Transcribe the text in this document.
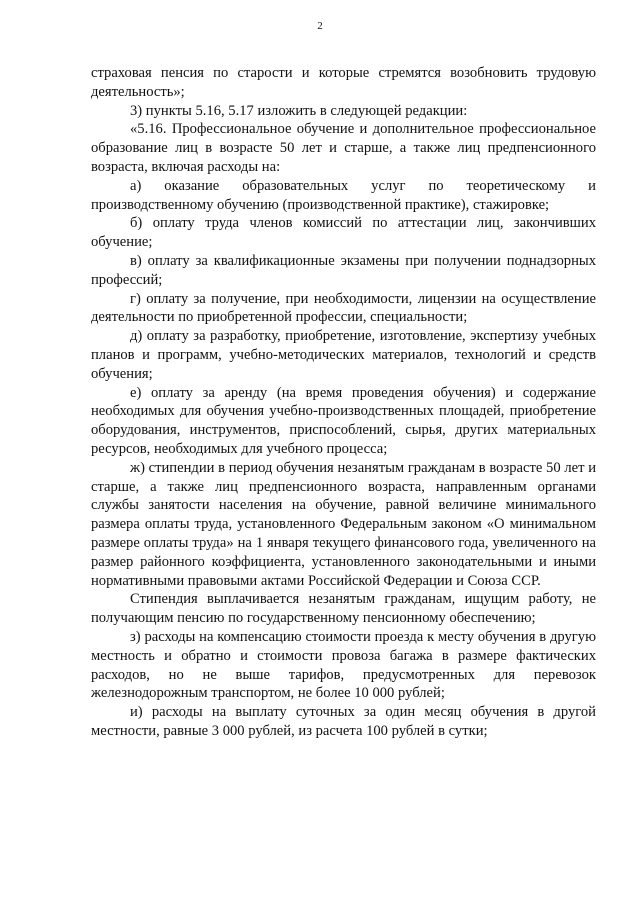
2

страховая пенсия по старости и которые стремятся возобновить трудовую деятельность»;

3) пункты 5.16, 5.17 изложить в следующей редакции:

«5.16. Профессиональное обучение и дополнительное профессиональное образование лиц в возрасте 50 лет и старше, а также лиц предпенсионного возраста, включая расходы на:

а) оказание образовательных услуг по теоретическому и производственному обучению (производственной практике), стажировке;

б) оплату труда членов комиссий по аттестации лиц, закончивших обучение;

в) оплату за квалификационные экзамены при получении поднадзорных профессий;

г) оплату за получение, при необходимости, лицензии на осуществление деятельности по приобретенной профессии, специальности;

д) оплату за разработку, приобретение, изготовление, экспертизу учебных планов и программ, учебно-методических материалов, технологий и средств обучения;

е) оплату за аренду (на время проведения обучения) и содержание необходимых для обучения учебно-производственных площадей, приобретение оборудования, инструментов, приспособлений, сырья, других материальных ресурсов, необходимых для учебного процесса;

ж) стипендии в период обучения незанятым гражданам в возрасте 50 лет и старше, а также лиц предпенсионного возраста, направленным органами службы занятости населения на обучение, равной величине минимального размера оплаты труда, установленного Федеральным законом «О минимальном размере оплаты труда» на 1 января текущего финансового года, увеличенного на размер районного коэффициента, установленного законодательными и иными нормативными правовыми актами Российской Федерации и Союза ССР.

Стипендия выплачивается незанятым гражданам, ищущим работу, не получающим пенсию по государственному пенсионному обеспечению;

з) расходы на компенсацию стоимости проезда к месту обучения в другую местность и обратно и стоимости провоза багажа в размере фактических расходов, но не выше тарифов, предусмотренных для перевозок железнодорожным транспортом, не более 10 000 рублей;

и) расходы на выплату суточных за один месяц обучения в другой местности, равные 3 000 рублей, из расчета 100 рублей в сутки;
